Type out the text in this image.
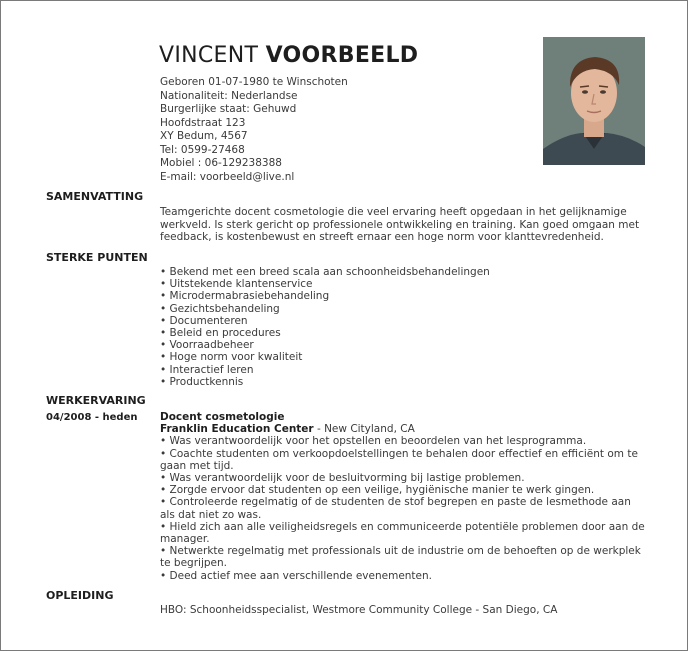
VINCENT VOORBEELD
Geboren 01-07-1980 te Winschoten
Nationaliteit: Nederlandse
Burgerlijke staat: Gehuwd
Hoofdstraat 123
XY Bedum, 4567
Tel: 0599-27468
Mobiel : 06-129238388
E-mail: voorbeeld@live.nl
SAMENVATTING
Teamgerichte docent cosmetologie die veel ervaring heeft opgedaan in het gelijknamige werkveld. Is sterk gericht op professionele ontwikkeling en training. Kan goed omgaan met feedback, is kostenbewust en streeft ernaar een hoge norm voor klanttevredenheid.
STERKE PUNTEN
• Bekend met een breed scala aan schoonheidsbehandelingen
• Uitstekende klantenservice
• Microdermabrasiebehandeling
• Gezichtsbehandeling
• Documenteren
• Beleid en procedures
• Voorraadbeheer
• Hoge norm voor kwaliteit
• Interactief leren
• Productkennis
WERKERVARING
04/2008 - heden Docent cosmetologie
Franklin Education Center - New Cityland, CA
• Was verantwoordelijk voor het opstellen en beoordelen van het lesprogramma.
• Coachte studenten om verkoopdoelstellingen te behalen door effectief en efficiënt om te gaan met tijd.
• Was verantwoordelijk voor de besluitvorming bij lastige problemen.
• Zorgde ervoor dat studenten op een veilige, hygiënische manier te werk gingen.
• Controleerde regelmatig of de studenten de stof begrepen en paste de lesmethode aan als dat niet zo was.
• Hield zich aan alle veiligheidsregels en communiceerde potentiële problemen door aan de manager.
• Netwerkte regelmatig met professionals uit de industrie om de behoeften op de werkplek te begrijpen.
• Deed actief mee aan verschillende evenementen.
OPLEIDING
HBO: Schoonheidsspecialist, Westmore Community College - San Diego, CA
